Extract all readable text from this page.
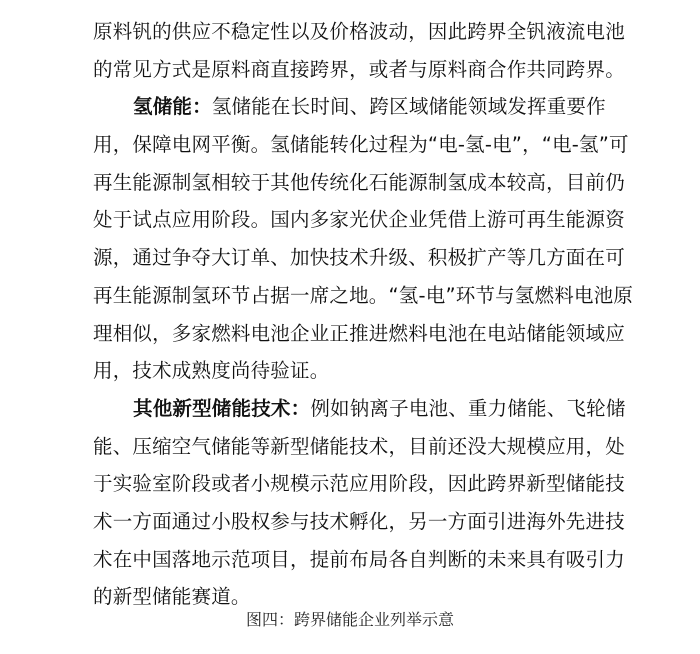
原料钒的供应不稳定性以及价格波动，因此跨界全钒液流电池
的常见方式是原料商直接跨界，或者与原料商合作共同跨界。
氢储能：氢储能在长时间、跨区域储能领域发挥重要作
用，保障电网平衡。氢储能转化过程为“电-氢-电”，“电-氢”可
再生能源制氢相较于其他传统化石能源制氢成本较高，目前仍
处于试点应用阶段。国内多家光伏企业凭借上游可再生能源资
源，通过争夺大订单、加快技术升级、积极扩产等几方面在可
再生能源制氢环节占据一席之地。“氢-电”环节与氢燃料电池原
理相似，多家燃料电池企业正推进燃料电池在电站储能领域应
用，技术成熟度尚待验证。
其他新型储能技术：例如钠离子电池、重力储能、飞轮储
能、压缩空气储能等新型储能技术，目前还没大规模应用，处
于实验室阶段或者小规模示范应用阶段，因此跨界新型储能技
术一方面通过小股权参与技术孵化，另一方面引进海外先进技
术在中国落地示范项目，提前布局各自判断的未来具有吸引力
的新型储能赛道。
图四：跨界储能企业列举示意
